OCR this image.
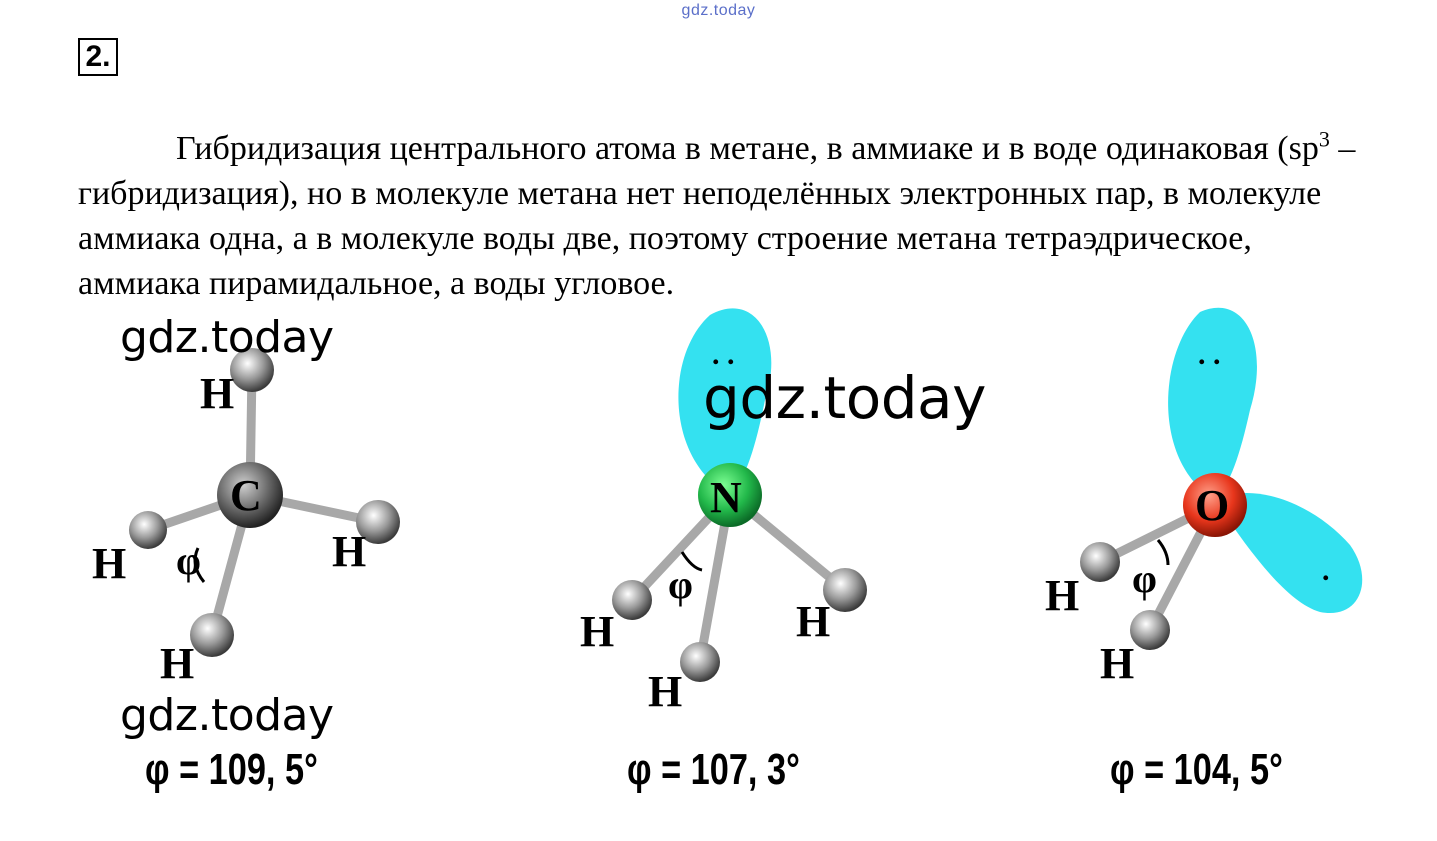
gdz.today
2.

Гибридизация центрального атома в метане, в аммиаке и в воде одинаковая ($sp^3$ – гибридизация), но в молекуле метана нет неподелённых электронных пар, в молекуле аммиака одна, а в молекуле воды две, поэтому строение метана тетраэдрическое, аммиака пирамидальное, а воды угловое.

C
H
H	H
H
φ
. .
N
H	H
H
φ
. .
.
O
H
H
φ
φ = 109, 5°	φ = 107, 3°	φ = 104, 5°
gdz.today
gdz.today
gdz.today
